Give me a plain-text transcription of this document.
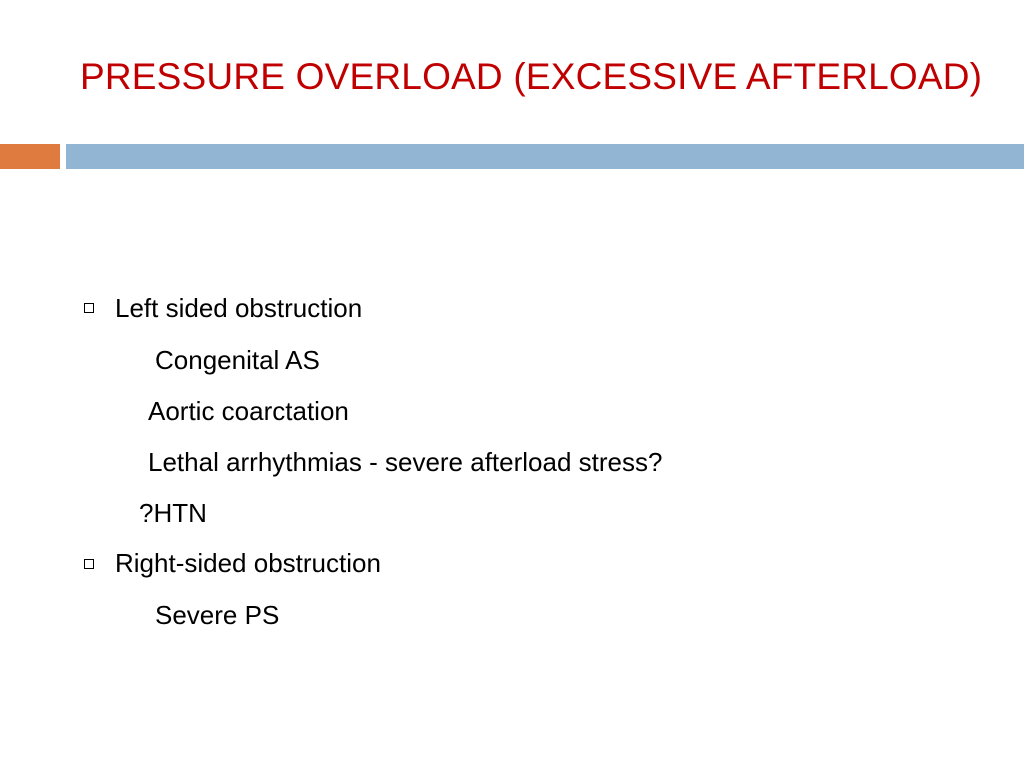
PRESSURE OVERLOAD (EXCESSIVE AFTERLOAD)
Left sided obstruction
Congenital AS
Aortic coarctation
Lethal arrhythmias - severe afterload stress?
?HTN
Right-sided obstruction
Severe PS
